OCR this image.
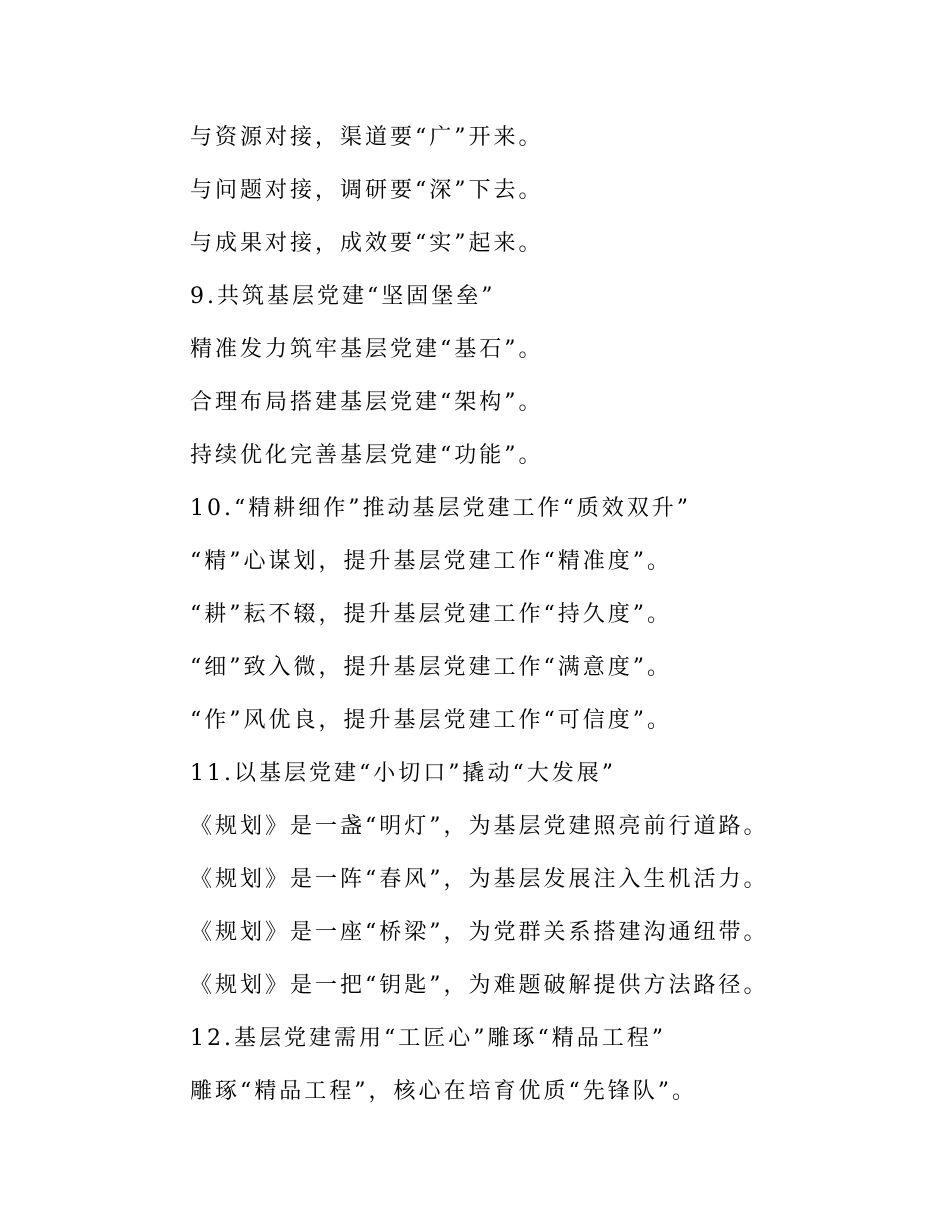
与资源对接，渠道要“广”开来。
与问题对接，调研要“深”下去。
与成果对接，成效要“实”起来。
9.共筑基层党建“坚固堡垒”
精准发力筑牢基层党建“基石”。
合理布局搭建基层党建“架构”。
持续优化完善基层党建“功能”。
10.“精耕细作”推动基层党建工作“质效双升”
“精”心谋划，提升基层党建工作“精准度”。
“耕”耘不辍，提升基层党建工作“持久度”。
“细”致入微，提升基层党建工作“满意度”。
“作”风优良，提升基层党建工作“可信度”。
11.以基层党建“小切口”撬动“大发展”
《规划》是一盏“明灯”，为基层党建照亮前行道路。
《规划》是一阵“春风”，为基层发展注入生机活力。
《规划》是一座“桥梁”，为党群关系搭建沟通纽带。
《规划》是一把“钥匙”，为难题破解提供方法路径。
12.基层党建需用“工匠心”雕琢“精品工程”
雕琢“精品工程”，核心在培育优质“先锋队”。
